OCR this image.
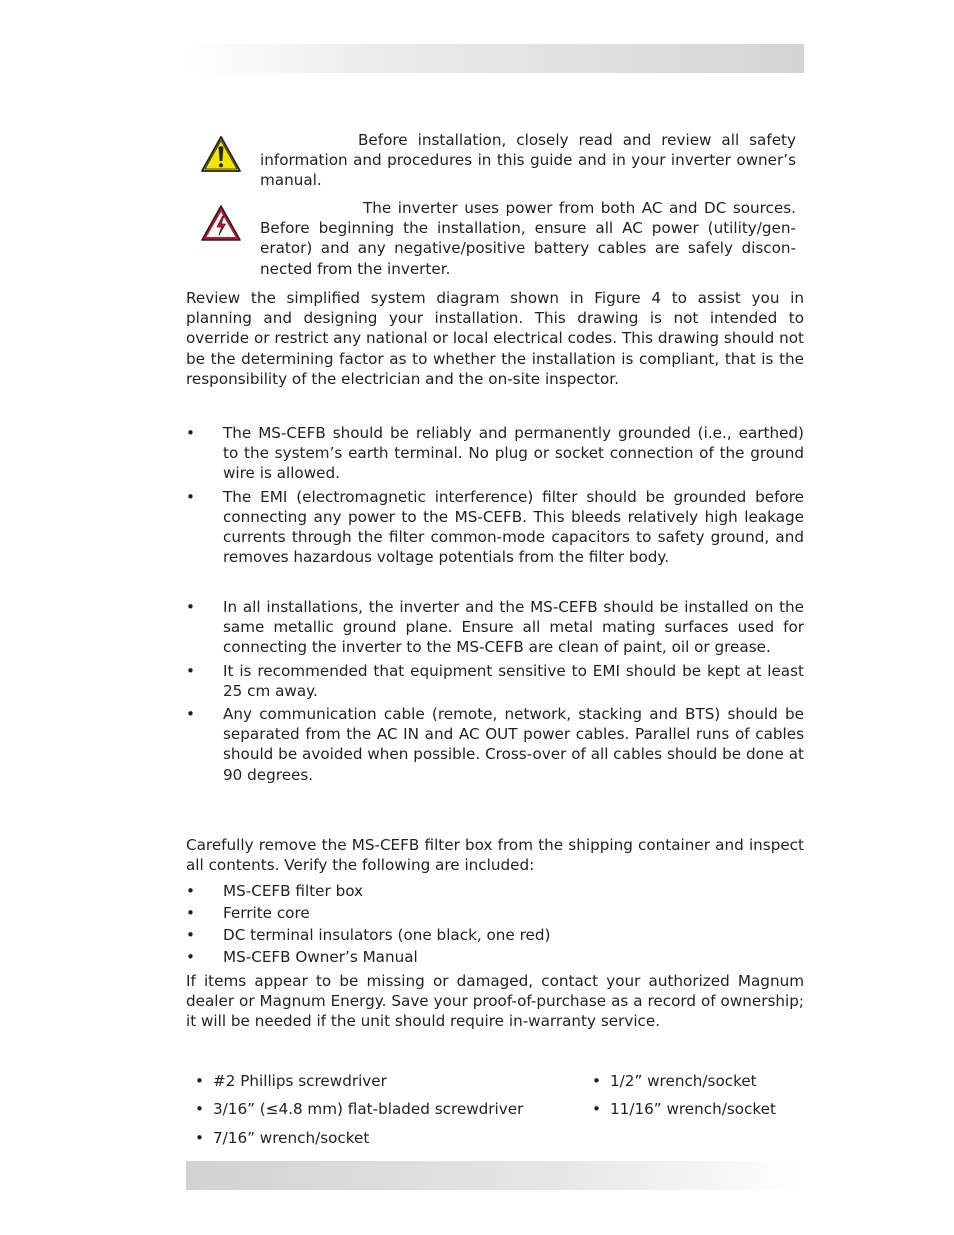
Before installation, closely read and review all safety information and procedures in this guide and in your inverter owner’s manual.

The inverter uses power from both AC and DC sources. Before beginning the installation, ensure all AC power (utility/gen-erator) and any negative/positive battery cables are safely discon-nected from the inverter.

Review the simplified system diagram shown in Figure 4 to assist you in planning and designing your installation. This drawing is not intended to override or restrict any national or local electrical codes. This drawing should not be the determining factor as to whether the installation is compliant, that is the responsibility of the electrician and the on-site inspector.

• The MS-CEFB should be reliably and permanently grounded (i.e., earthed) to the system’s earth terminal. No plug or socket connection of the ground wire is allowed.
• The EMI (electromagnetic interference) filter should be grounded before connecting any power to the MS-CEFB. This bleeds relatively high leakage currents through the filter common-mode capacitors to safety ground, and removes hazardous voltage potentials from the filter body.
• In all installations, the inverter and the MS-CEFB should be installed on the same metallic ground plane. Ensure all metal mating surfaces used for connecting the inverter to the MS-CEFB are clean of paint, oil or grease.
• It is recommended that equipment sensitive to EMI should be kept at least 25 cm away.
• Any communication cable (remote, network, stacking and BTS) should be separated from the AC IN and AC OUT power cables. Parallel runs of cables should be avoided when possible. Cross-over of all cables should be done at 90 degrees.

Carefully remove the MS-CEFB filter box from the shipping container and inspect all contents. Verify the following are included:

• MS-CEFB filter box
• Ferrite core
• DC terminal insulators (one black, one red)
• MS-CEFB Owner’s Manual

If items appear to be missing or damaged, contact your authorized Magnum dealer or Magnum Energy. Save your proof-of-purchase as a record of ownership; it will be needed if the unit should require in-warranty service.

• #2 Phillips screwdriver
• 3/16” (≤4.8 mm) flat-bladed screwdriver
• 7/16” wrench/socket
• 1/2” wrench/socket
• 11/16” wrench/socket
